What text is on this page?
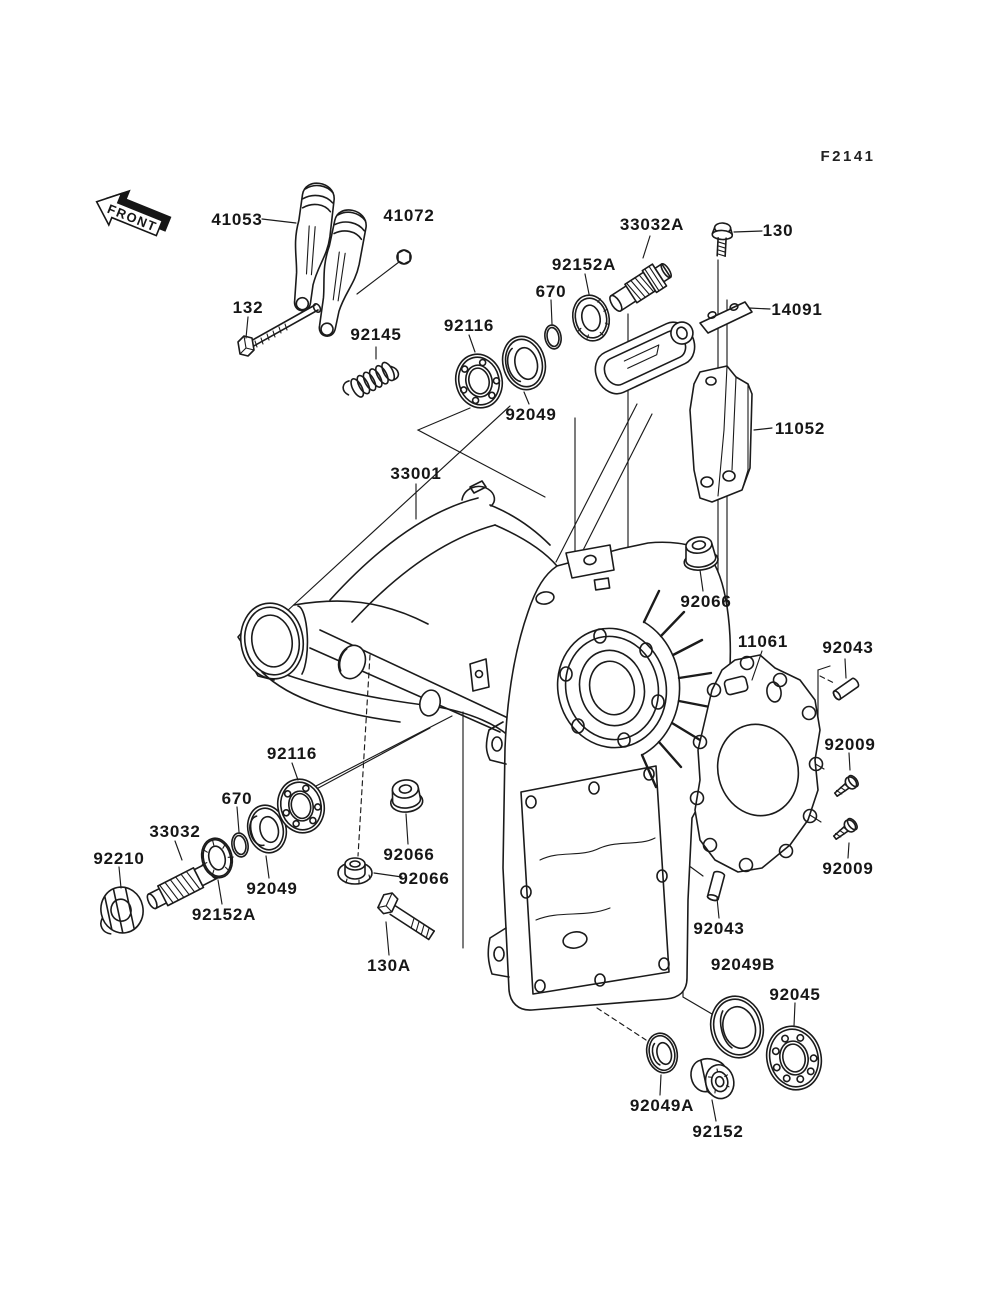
FRONT
F2141
41053	41072
132
92145 92116
92049
670
92152A
33032A	130
14091
11052
33001
92066
11061 92043
92009
92009
92116
670
33032
92210
92049
92152A
92066
92066
130A
92043
92049B
92045
92049A
92152
